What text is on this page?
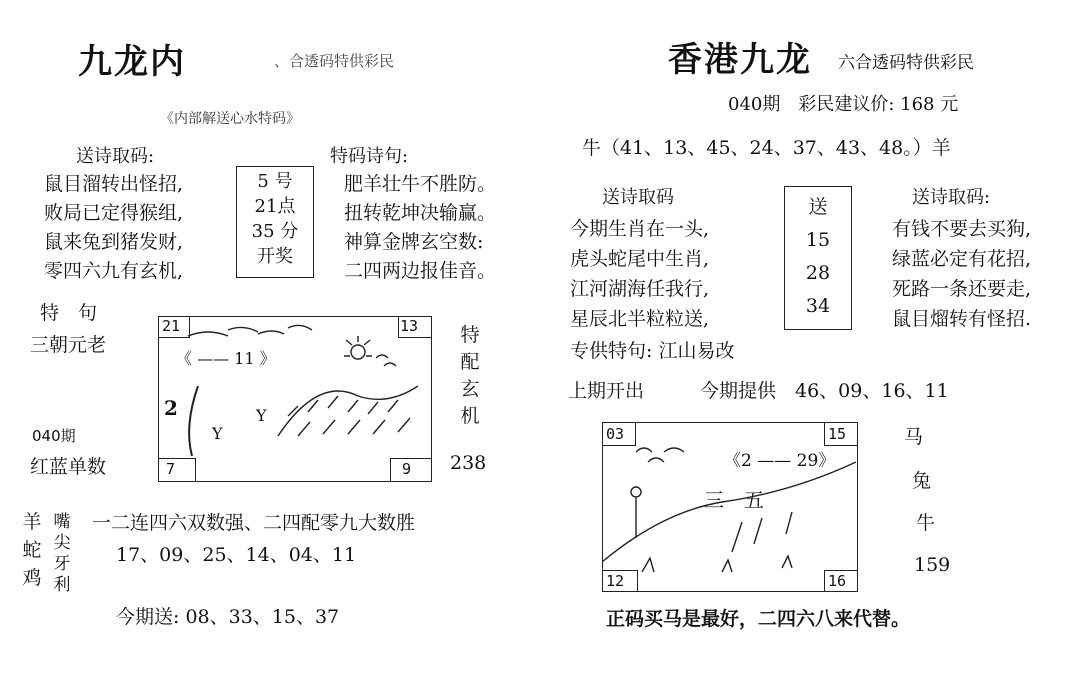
九龙内  	、合透码特供彩民
《内部解送心水特码》
送诗取码:	特码诗句:
鼠目溜转出怪招,
败局已定得猴组,
鼠来兔到猪发财,
零四六九有玄机,
肥羊壮牛不胜防。
扭转乾坤决输赢。
神算金牌玄空数:
二四两边报佳音。
5 号
21点
35 分
开奖
特　句
三朝元老
040期
红蓝单数
21	13
7	9
《 —— 11 》
2
Y
Y
特配玄机
238
羊蛇鸡
嘴尖牙利
一二连四六双数强、二四配零九大数胜
17、09、25、14、04、11
今期送: 08、33、15、37
香港九龙 六合透码特供彩民
040期　彩民建议价: 168 元
牛（41、13、45、24、37、43、48。）羊
送诗取码	送诗取码:
今期生肖在一头,
虎头蛇尾中生肖,
江河湖海任我行,
星辰北半粒粒送,
有钱不要去买狗,
绿蓝必定有花招,
死路一条还要走,
鼠目熘转有怪招.
送
15
28
34
专供特句: 江山易改
上期开出	今期提供　46、09、16、11
03	15
12	16
《2 —— 29》
三　五
马
兔
牛
159
正码买马是最好，二四六八来代替。
